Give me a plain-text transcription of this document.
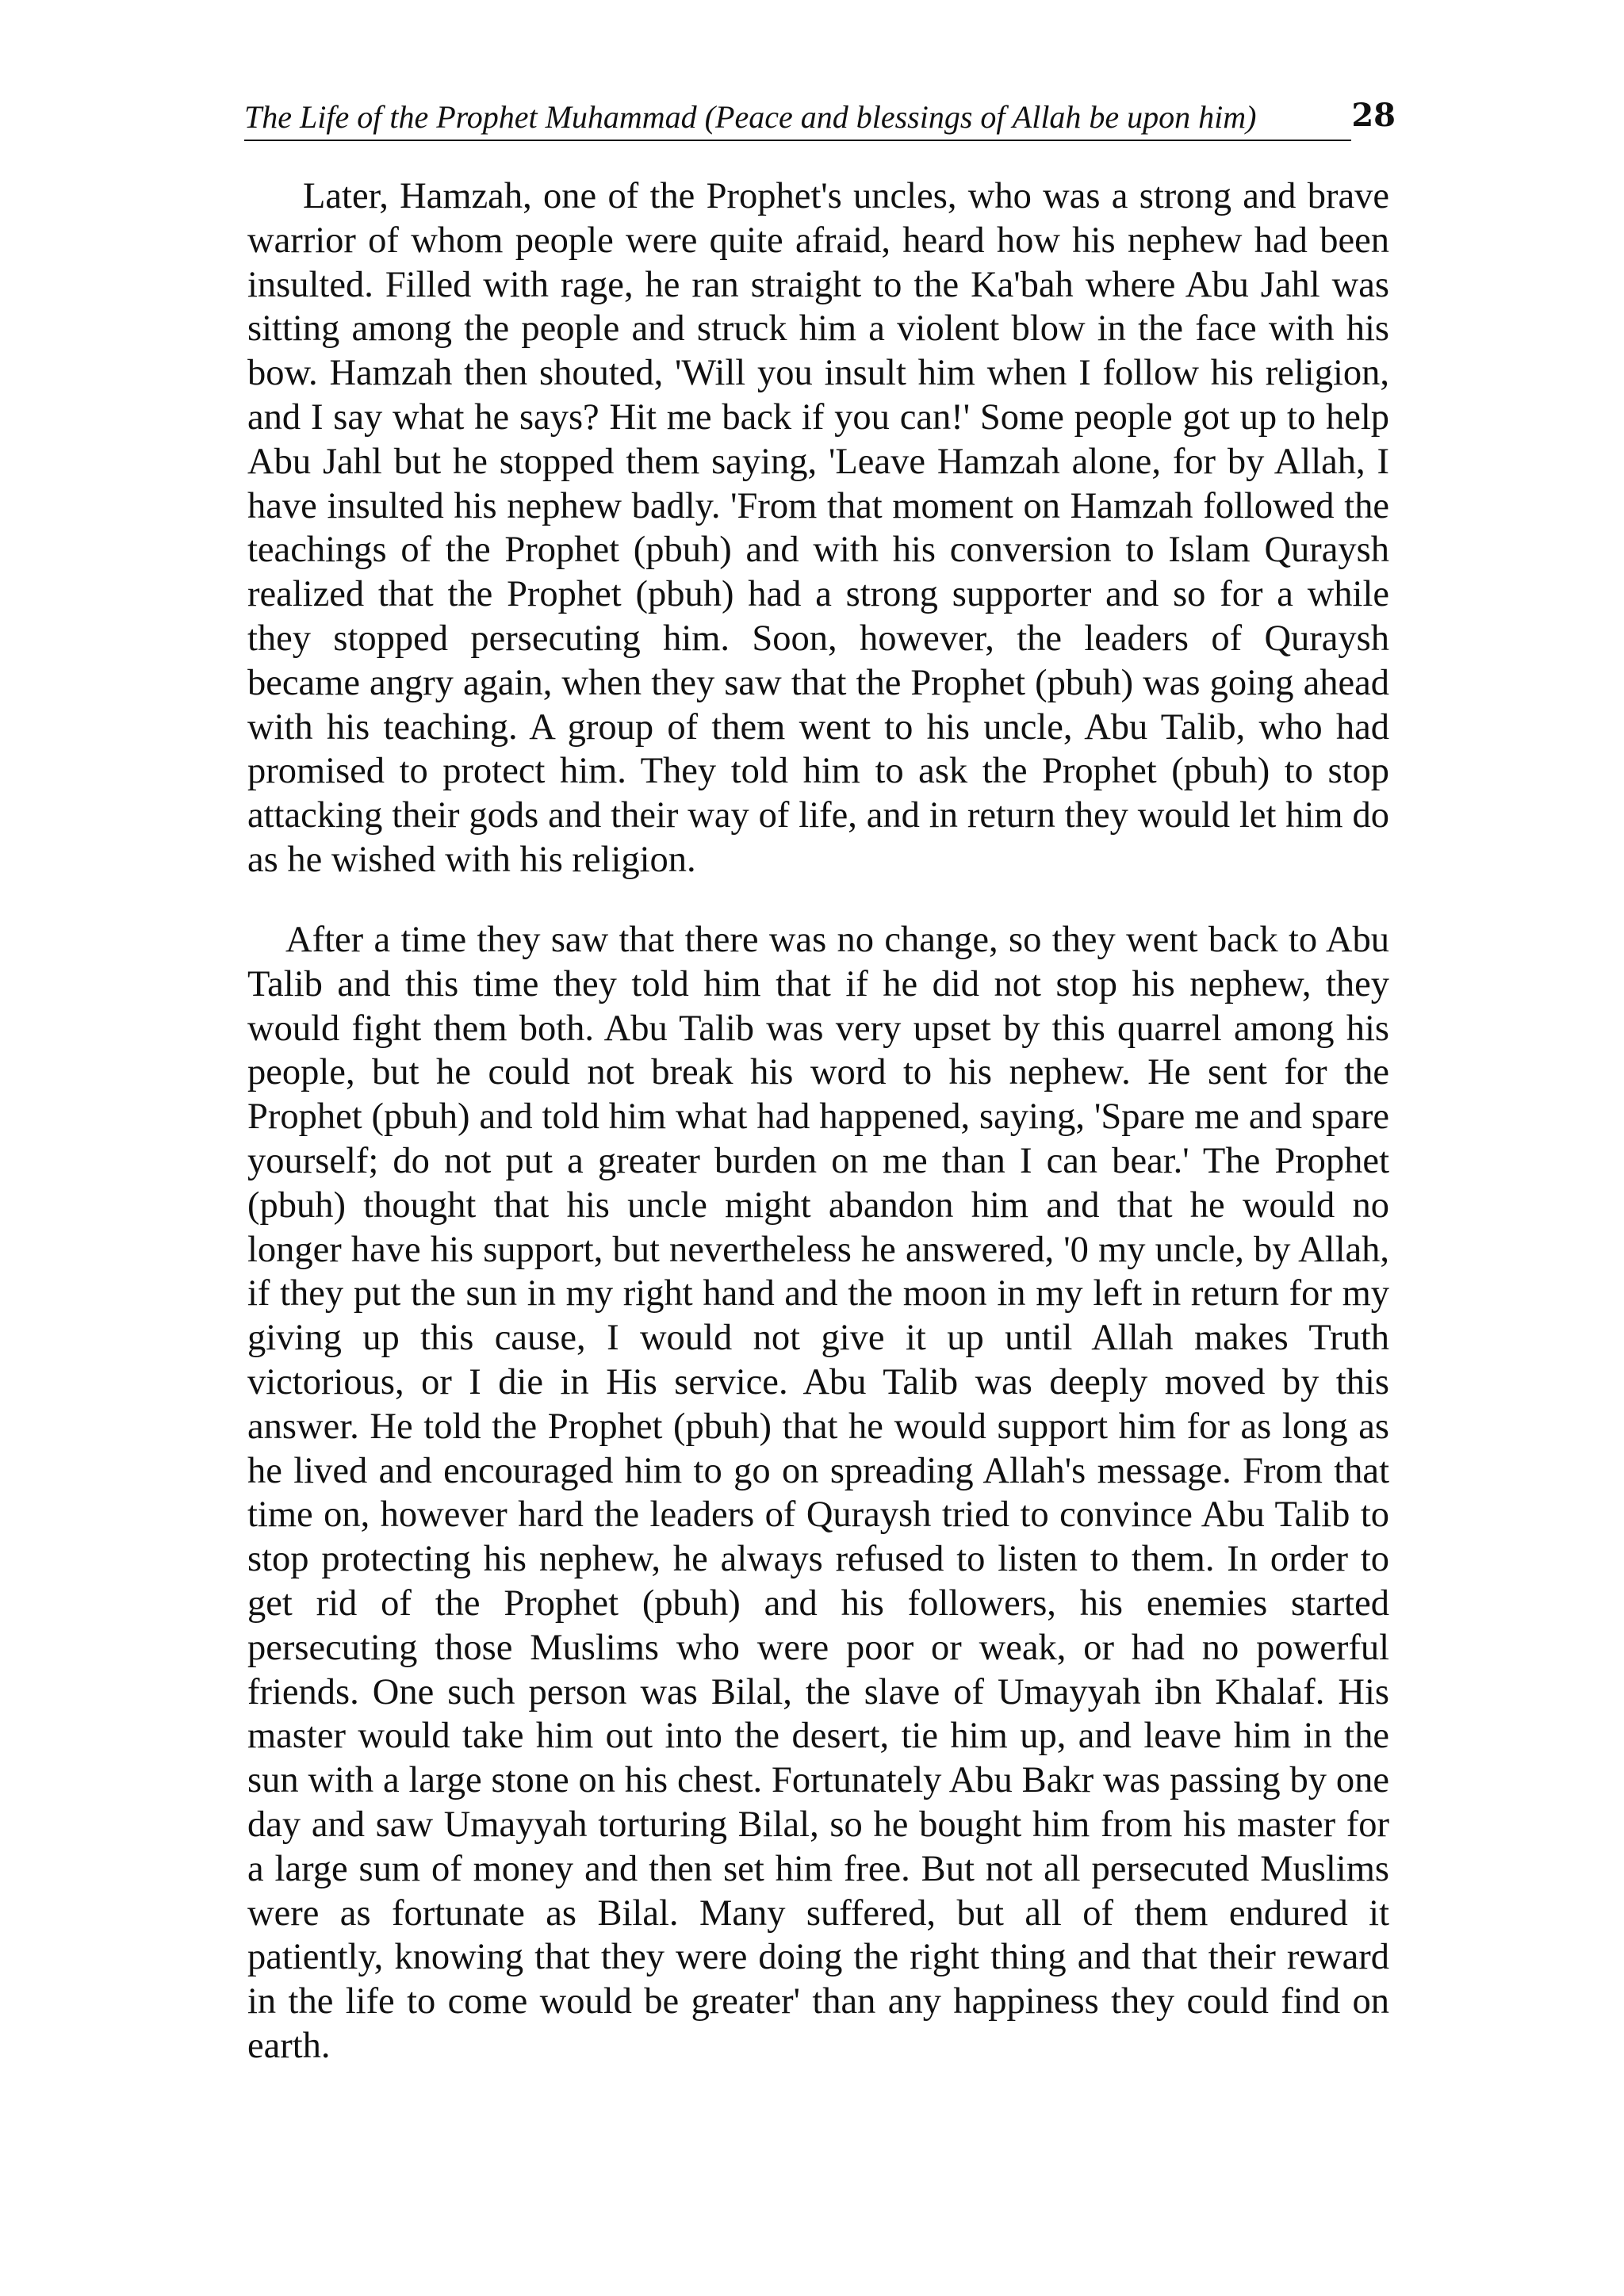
The Life of the Prophet Muhammad (Peace and blessings of Allah be upon him)	28

Later, Hamzah, one of the Prophet's uncles, who was a strong and brave warrior of whom people were quite afraid, heard how his nephew had been insulted. Filled with rage, he ran straight to the Ka'bah where Abu Jahl was sitting among the people and struck him a violent blow in the face with his bow. Hamzah then shouted, 'Will you insult him when I follow his religion, and I say what he says? Hit me back if you can!' Some people got up to help Abu Jahl but he stopped them saying, 'Leave Hamzah alone, for by Allah, I have insulted his nephew badly. 'From that moment on Hamzah followed the teachings of the Prophet (pbuh) and with his conversion to Islam Quraysh realized that the Prophet (pbuh) had a strong supporter and so for a while they stopped persecuting him. Soon, however, the leaders of Quraysh became angry again, when they saw that the Prophet (pbuh) was going ahead with his teaching. A group of them went to his uncle, Abu Talib, who had promised to protect him. They told him to ask the Prophet (pbuh) to stop attacking their gods and their way of life, and in return they would let him do as he wished with his religion.

After a time they saw that there was no change, so they went back to Abu Talib and this time they told him that if he did not stop his nephew, they would fight them both. Abu Talib was very upset by this quarrel among his people, but he could not break his word to his nephew. He sent for the Prophet (pbuh) and told him what had happened, saying, 'Spare me and spare yourself; do not put a greater burden on me than I can bear.' The Prophet (pbuh) thought that his uncle might abandon him and that he would no longer have his support, but nevertheless he answered, '0 my uncle, by Allah, if they put the sun in my right hand and the moon in my left in return for my giving up this cause, I would not give it up until Allah makes Truth victorious, or I die in His service. Abu Talib was deeply moved by this answer. He told the Prophet (pbuh) that he would support him for as long as he lived and encouraged him to go on spreading Allah's message. From that time on, however hard the leaders of Quraysh tried to convince Abu Talib to stop protecting his nephew, he always refused to listen to them. In order to get rid of the Prophet (pbuh) and his followers, his enemies started persecuting those Muslims who were poor or weak, or had no powerful friends. One such person was Bilal, the slave of Umayyah ibn Khalaf. His master would take him out into the desert, tie him up, and leave him in the sun with a large stone on his chest. Fortunately Abu Bakr was passing by one day and saw Umayyah torturing Bilal, so he bought him from his master for a large sum of money and then set him free. But not all persecuted Muslims were as fortunate as Bilal. Many suffered, but all of them endured it patiently, knowing that they were doing the right thing and that their reward in the life to come would be greater' than any happiness they could find on earth.
